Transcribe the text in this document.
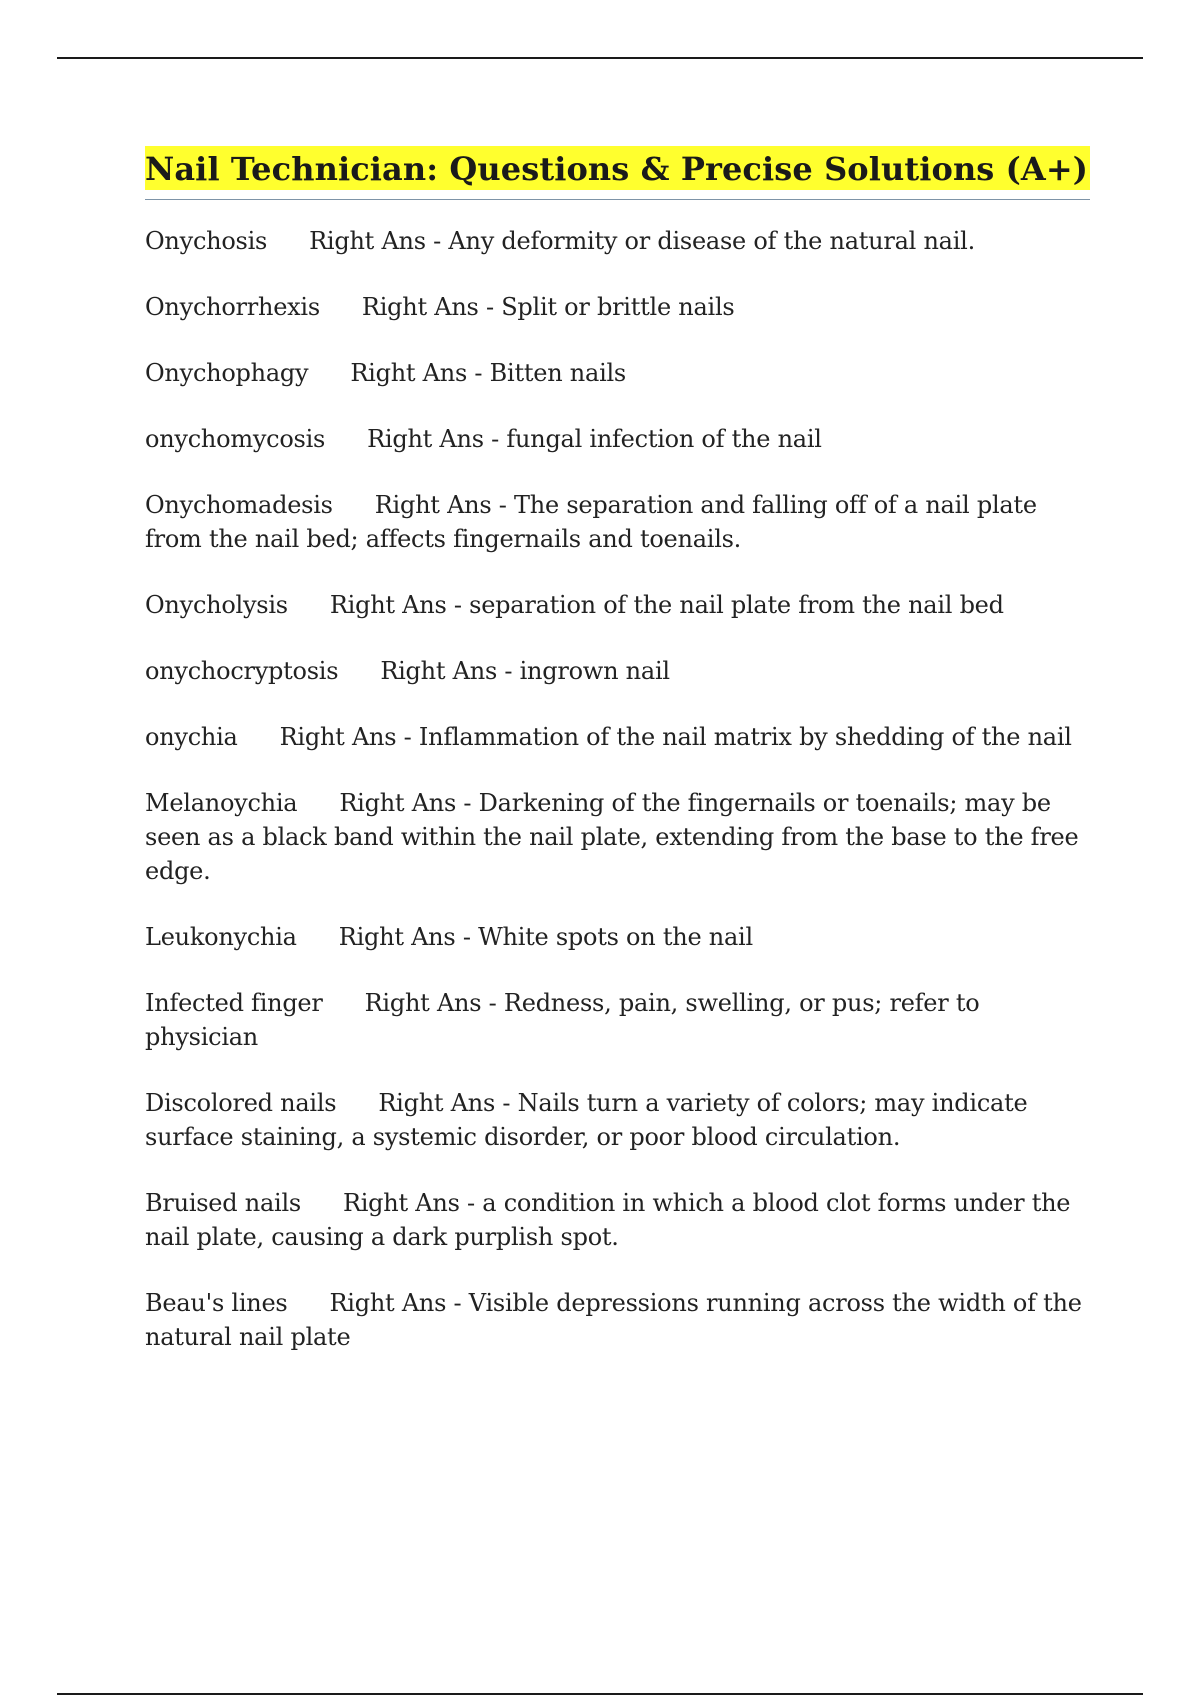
Nail Technician: Questions & Precise Solutions (A+)

Onychosis Right Ans - Any deformity or disease of the natural nail.

Onychorrhexis Right Ans - Split or brittle nails

Onychophagy Right Ans - Bitten nails

onychomycosis Right Ans - fungal infection of the nail

Onychomadesis Right Ans - The separation and falling off of a nail plate from the nail bed; affects fingernails and toenails.

Onycholysis Right Ans - separation of the nail plate from the nail bed

onychocryptosis Right Ans - ingrown nail

onychia Right Ans - Inflammation of the nail matrix by shedding of the nail

Melanoychia Right Ans - Darkening of the fingernails or toenails; may be seen as a black band within the nail plate, extending from the base to the free edge.

Leukonychia Right Ans - White spots on the nail

Infected finger Right Ans - Redness, pain, swelling, or pus; refer to physician

Discolored nails Right Ans - Nails turn a variety of colors; may indicate surface staining, a systemic disorder, or poor blood circulation.

Bruised nails Right Ans - a condition in which a blood clot forms under the nail plate, causing a dark purplish spot.

Beau's lines Right Ans - Visible depressions running across the width of the natural nail plate
